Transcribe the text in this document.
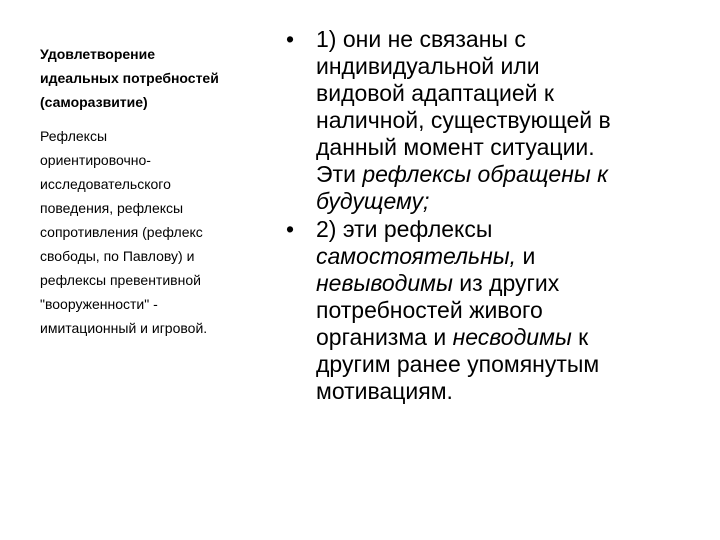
Удовлетворение
идеальных потребностей
(саморазвитие)
Рефлексы
ориентировочно-
исследовательского
поведения, рефлексы
сопротивления (рефлекс
свободы, по Павлову) и
рефлексы превентивной
"вооруженности" -
имитационный и игровой.
• 1) они не связаны с
индивидуальной или
видовой адаптацией к
наличной, существующей в
данный момент ситуации.
Эти рефлексы обращены к
будущему;
• 2) эти рефлексы
самостоятельны, и
невыводимы из других
потребностей живого
организма и несводимы к
другим ранее упомянутым
мотивациям.
